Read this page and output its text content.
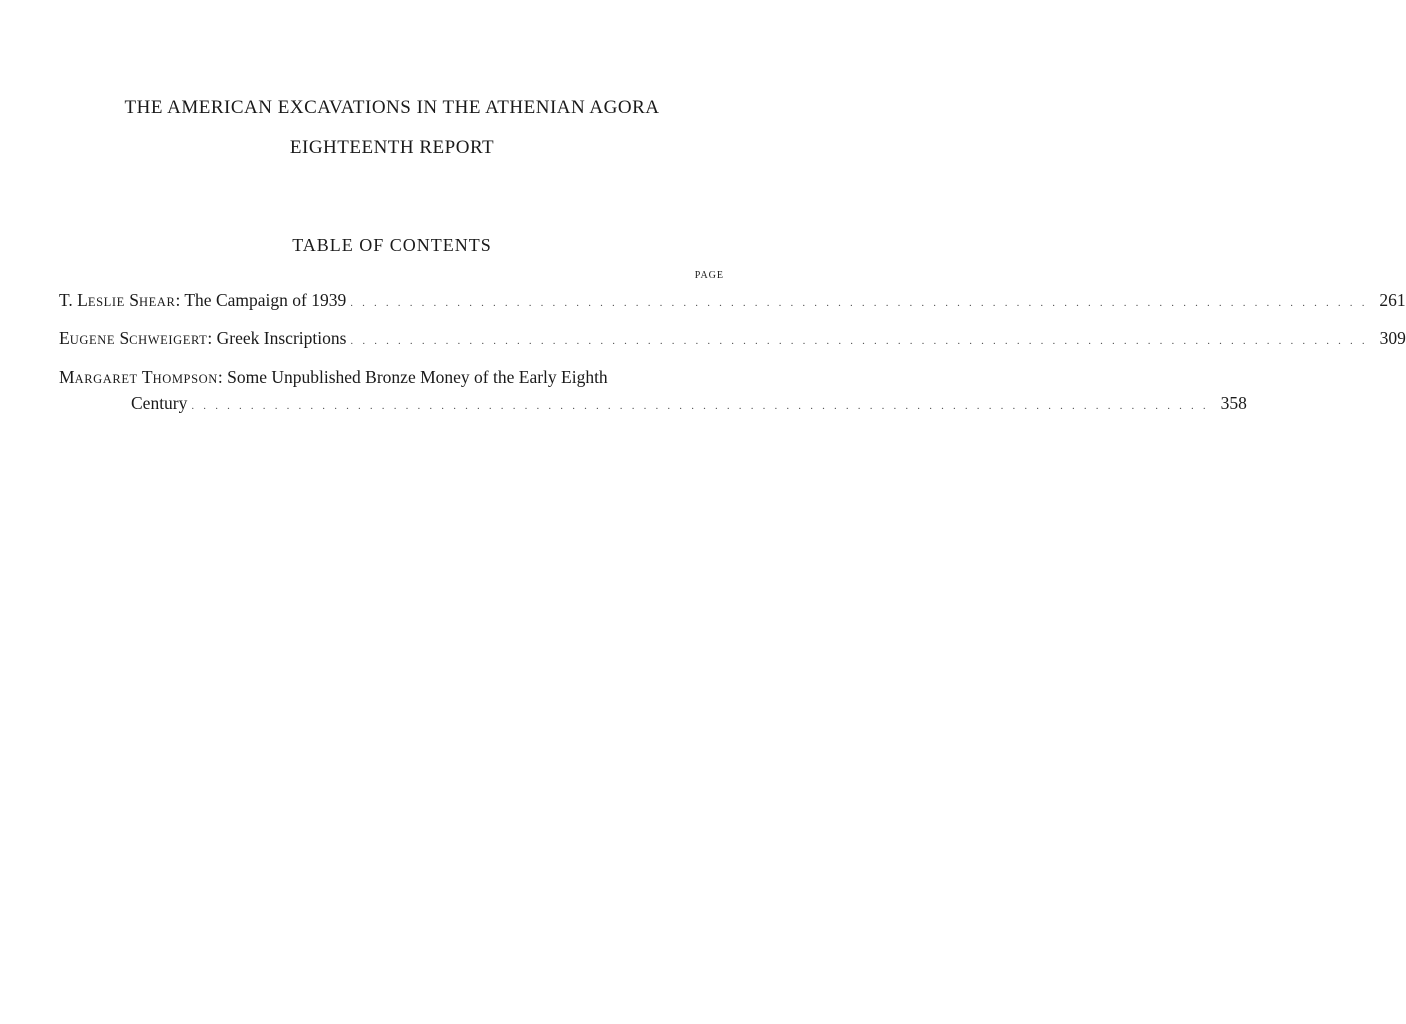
THE AMERICAN EXCAVATIONS IN THE ATHENIAN AGORA
EIGHTEENTH REPORT
TABLE OF CONTENTS
PAGE
T. LESLIE SHEAR : The Campaign of 1939 . . . . . . . . . . . . . . . . . . . . . . . . . . . . . . . . . . . . . . . . . . . . . . . . . . . . . . . . . . . . . . . . . . . . . . . . . . . . . . . . . . . . . . 261
EUGENE SCHWEIGERT : Greek Inscriptions . . . . . . . . . . . . . . . . . . . . . . . . . . . . . . . . . . . . . . . . . . . . . . . . . . . . . . . . . . . . . . . . . . . . . . . . . . . . . . . . . . . . . . 309
MARGARET THOMPSON : Some Unpublished Bronze Money of the Early Eighth
Century . . . . . . . . . . . . . . . . . . . . . . . . . . . . . . . . . . . . . . . . . . . . . . . . . . . . . . . . . . . . . . . . . . . . . . . . . . . . . . . . . . . . . . 358
